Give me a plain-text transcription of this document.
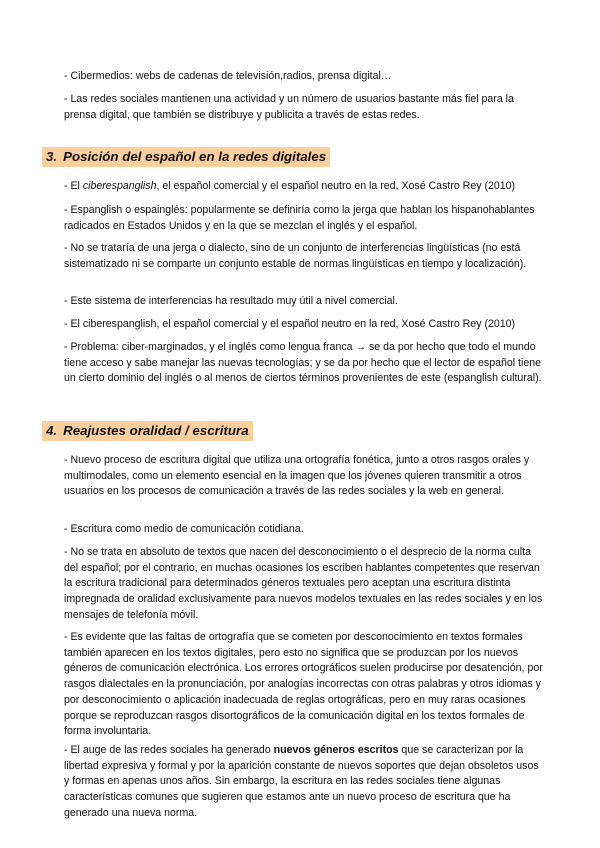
- Cibermedios: webs de cadenas de televisión,radios, prensa digital…

- Las redes sociales mantienen una actividad y un número de usuarios bastante más fiel para la prensa digital, que también se distribuye y publicita a través de estas redes.

3. Posición del español en la redes digitales

- El ciberespanglish, el español comercial y el español neutro en la red, Xosé Castro Rey (2010)

- Espanglish o espainglés: popularmente se definiría como la jerga que hablan los hispanohablantes radicados en Estados Unidos y en la que se mezclan el inglés y el español.

- No se trataría de una jerga o dialecto, sino de un conjunto de interferencias lingüísticas (no está sistematizado ni se comparte un conjunto estable de normas lingüísticas en tiempo y localización).

- Este sistema de interferencias ha resultado muy útil a nivel comercial.

- El ciberespanglish, el español comercial y el español neutro en la red, Xosé Castro Rey (2010)

- Problema: ciber-marginados, y el inglés como lengua franca → se da por hecho que todo el mundo tiene acceso y sabe manejar las nuevas tecnologías; y se da por hecho que el lector de español tiene un cierto dominio del inglés o al menos de ciertos términos provenientes de este (espanglish cultural).

4. Reajustes oralidad / escritura

- Nuevo proceso de escritura digital que utiliza una ortografía fonética, junto a otros rasgos orales y multimodales, como un elemento esencial en la imagen que los jóvenes quieren transmitir a otros usuarios en los procesos de comunicación a través de las redes sociales y la web en general.

- Escritura como medio de comunicación cotidiana.

- No se trata en absoluto de textos que nacen del desconocimiento o el desprecio de la norma culta del español; por el contrario, en muchas ocasiones los escriben hablantes competentes que reservan la escritura tradicional para determinados géneros textuales pero aceptan una escritura distinta impregnada de oralidad exclusivamente para nuevos modelos textuales en las redes sociales y en los mensajes de telefonía móvil.

- Es evidente que las faltas de ortografía que se cometen por desconocimiento en textos formales también aparecen en los textos digitales, pero esto no significa que se produzcan por los nuevos géneros de comunicación electrónica. Los errores ortográficos suelen producirse por desatención, por rasgos dialectales en la pronunciación, por analogías incorrectas con otras palabras y otros idiomas y por desconocimiento o aplicación inadecuada de reglas ortográficas, pero en muy raras ocasiones porque se reproduzcan rasgos disortográficos de la comunicación digital en los textos formales de forma involuntaria.

- El auge de las redes sociales ha generado nuevos géneros escritos que se caracterizan por la libertad expresiva y formal y por la aparición constante de nuevos soportes que dejan obsoletos usos y formas en apenas unos años. Sin embargo, la escritura en las redes sociales tiene algunas características comunes que sugieren que estamos ante un nuevo proceso de escritura que ha generado una nueva norma.
